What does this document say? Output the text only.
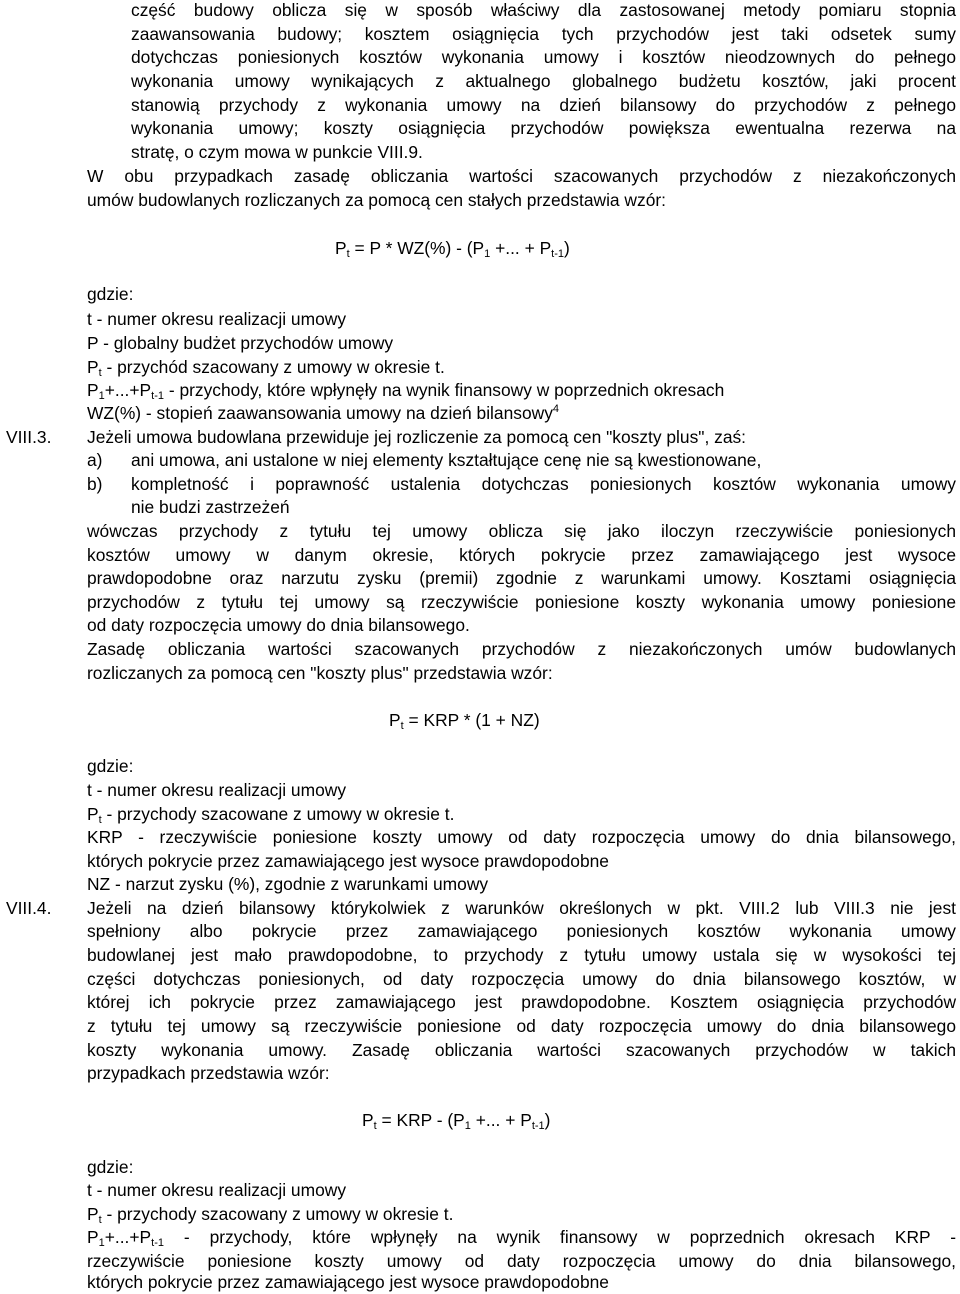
część budowy oblicza się w sposób właściwy dla zastosowanej metody pomiaru stopnia
zaawansowania budowy; kosztem osiągnięcia tych przychodów jest taki odsetek sumy
dotychczas poniesionych kosztów wykonania umowy i kosztów nieodzownych do pełnego
wykonania umowy wynikających z aktualnego globalnego budżetu kosztów, jaki procent
stanowią przychody z wykonania umowy na dzień bilansowy do przychodów z pełnego
wykonania umowy; koszty osiągnięcia przychodów powiększa ewentualna rezerwa na
stratę, o czym mowa w punkcie VIII.9.
W obu przypadkach zasadę obliczania wartości szacowanych przychodów z niezakończonych
umów budowlanych rozliczanych za pomocą cen stałych przedstawia wzór:
$P_t = P * WZ(\%) - (P_1$ +... + $P_{t-1}$)
gdzie:
t - numer okresu realizacji umowy
P - globalny budżet przychodów umowy
$P_t$ - przychód szacowany z umowy w okresie t.
$P_1+...+P_{t-1}$ - przychody, które wpłynęły na wynik finansowy w poprzednich okresach
WZ(%) - stopień zaawansowania umowy na dzień bilansowy$^4$
VIII.3. Jeżeli umowa budowlana przewiduje jej rozliczenie za pomocą cen "koszty plus", zaś:
a) ani umowa, ani ustalone w niej elementy kształtujące cenę nie są kwestionowane,
b) kompletność i poprawność ustalenia dotychczas poniesionych kosztów wykonania umowy
nie budzi zastrzeżeń
wówczas przychody z tytułu tej umowy oblicza się jako iloczyn rzeczywiście poniesionych
kosztów umowy w danym okresie, których pokrycie przez zamawiającego jest wysoce
prawdopodobne oraz narzutu zysku (premii) zgodnie z warunkami umowy. Kosztami osiągnięcia
przychodów z tytułu tej umowy są rzeczywiście poniesione koszty wykonania umowy poniesione
od daty rozpoczęcia umowy do dnia bilansowego.
Zasadę obliczania wartości szacowanych przychodów z niezakończonych umów budowlanych
rozliczanych za pomocą cen "koszty plus" przedstawia wzór:
$P_t$ = KRP * (1 + NZ)
gdzie:
t - numer okresu realizacji umowy
$P_t$ - przychody szacowane z umowy w okresie t.
KRP - rzeczywiście poniesione koszty umowy od daty rozpoczęcia umowy do dnia bilansowego,
których pokrycie przez zamawiającego jest wysoce prawdopodobne
NZ - narzut zysku (%), zgodnie z warunkami umowy
VIII.4. Jeżeli na dzień bilansowy którykolwiek z warunków określonych w pkt. VIII.2 lub VIII.3 nie jest
spełniony albo pokrycie przez zamawiającego poniesionych kosztów wykonania umowy
budowlanej jest mało prawdopodobne, to przychody z tytułu umowy ustala się w wysokości tej
części dotychczas poniesionych, od daty rozpoczęcia umowy do dnia bilansowego kosztów, w
której ich pokrycie przez zamawiającego jest prawdopodobne. Kosztem osiągnięcia przychodów
z tytułu tej umowy są rzeczywiście poniesione od daty rozpoczęcia umowy do dnia bilansowego
koszty wykonania umowy. Zasadę obliczania wartości szacowanych przychodów w takich
przypadkach przedstawia wzór:
$P_t$ = KRP - ($P_1$ +... + $P_{t-1}$)
gdzie:
t - numer okresu realizacji umowy
$P_t$ - przychody szacowany z umowy w okresie t.
$P_1+...+P_{t-1}$ - przychody, które wpłynęły na wynik finansowy w poprzednich okresach KRP -
rzeczywiście poniesione koszty umowy od daty rozpoczęcia umowy do dnia bilansowego,
których pokrycie przez zamawiającego jest wysoce prawdopodobne
